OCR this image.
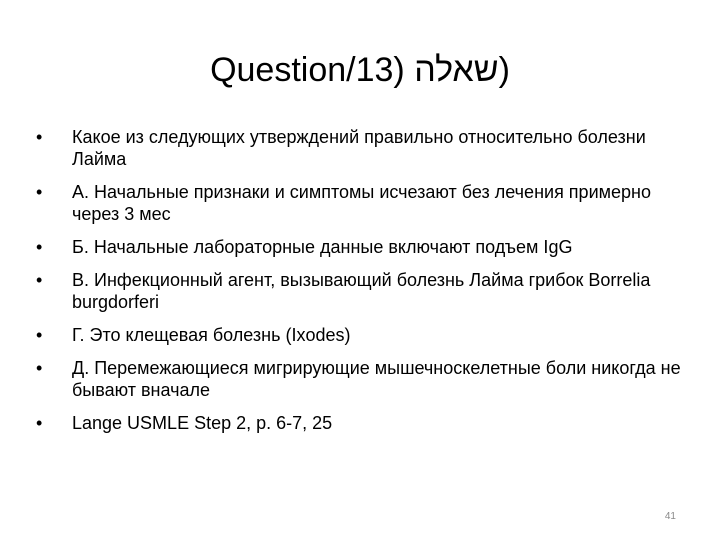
Question/13) שאלה)
• Какое из следующих утверждений правильно относительно болезни Лайма
• А. Начальные признаки и симптомы исчезают без лечения примерно через 3 мес
• Б. Начальные лабораторные данные включают подъем IgG
• В. Инфекционный агент, вызывающий болезнь Лайма грибок Borrelia burgdorferi
• Г. Это клещевая болезнь (Ixodes)
• Д. Перемежающиеся мигрирующие мышечноскелетные боли никогда не бывают вначале
• Lange USMLE Step 2, p. 6-7, 25
41
